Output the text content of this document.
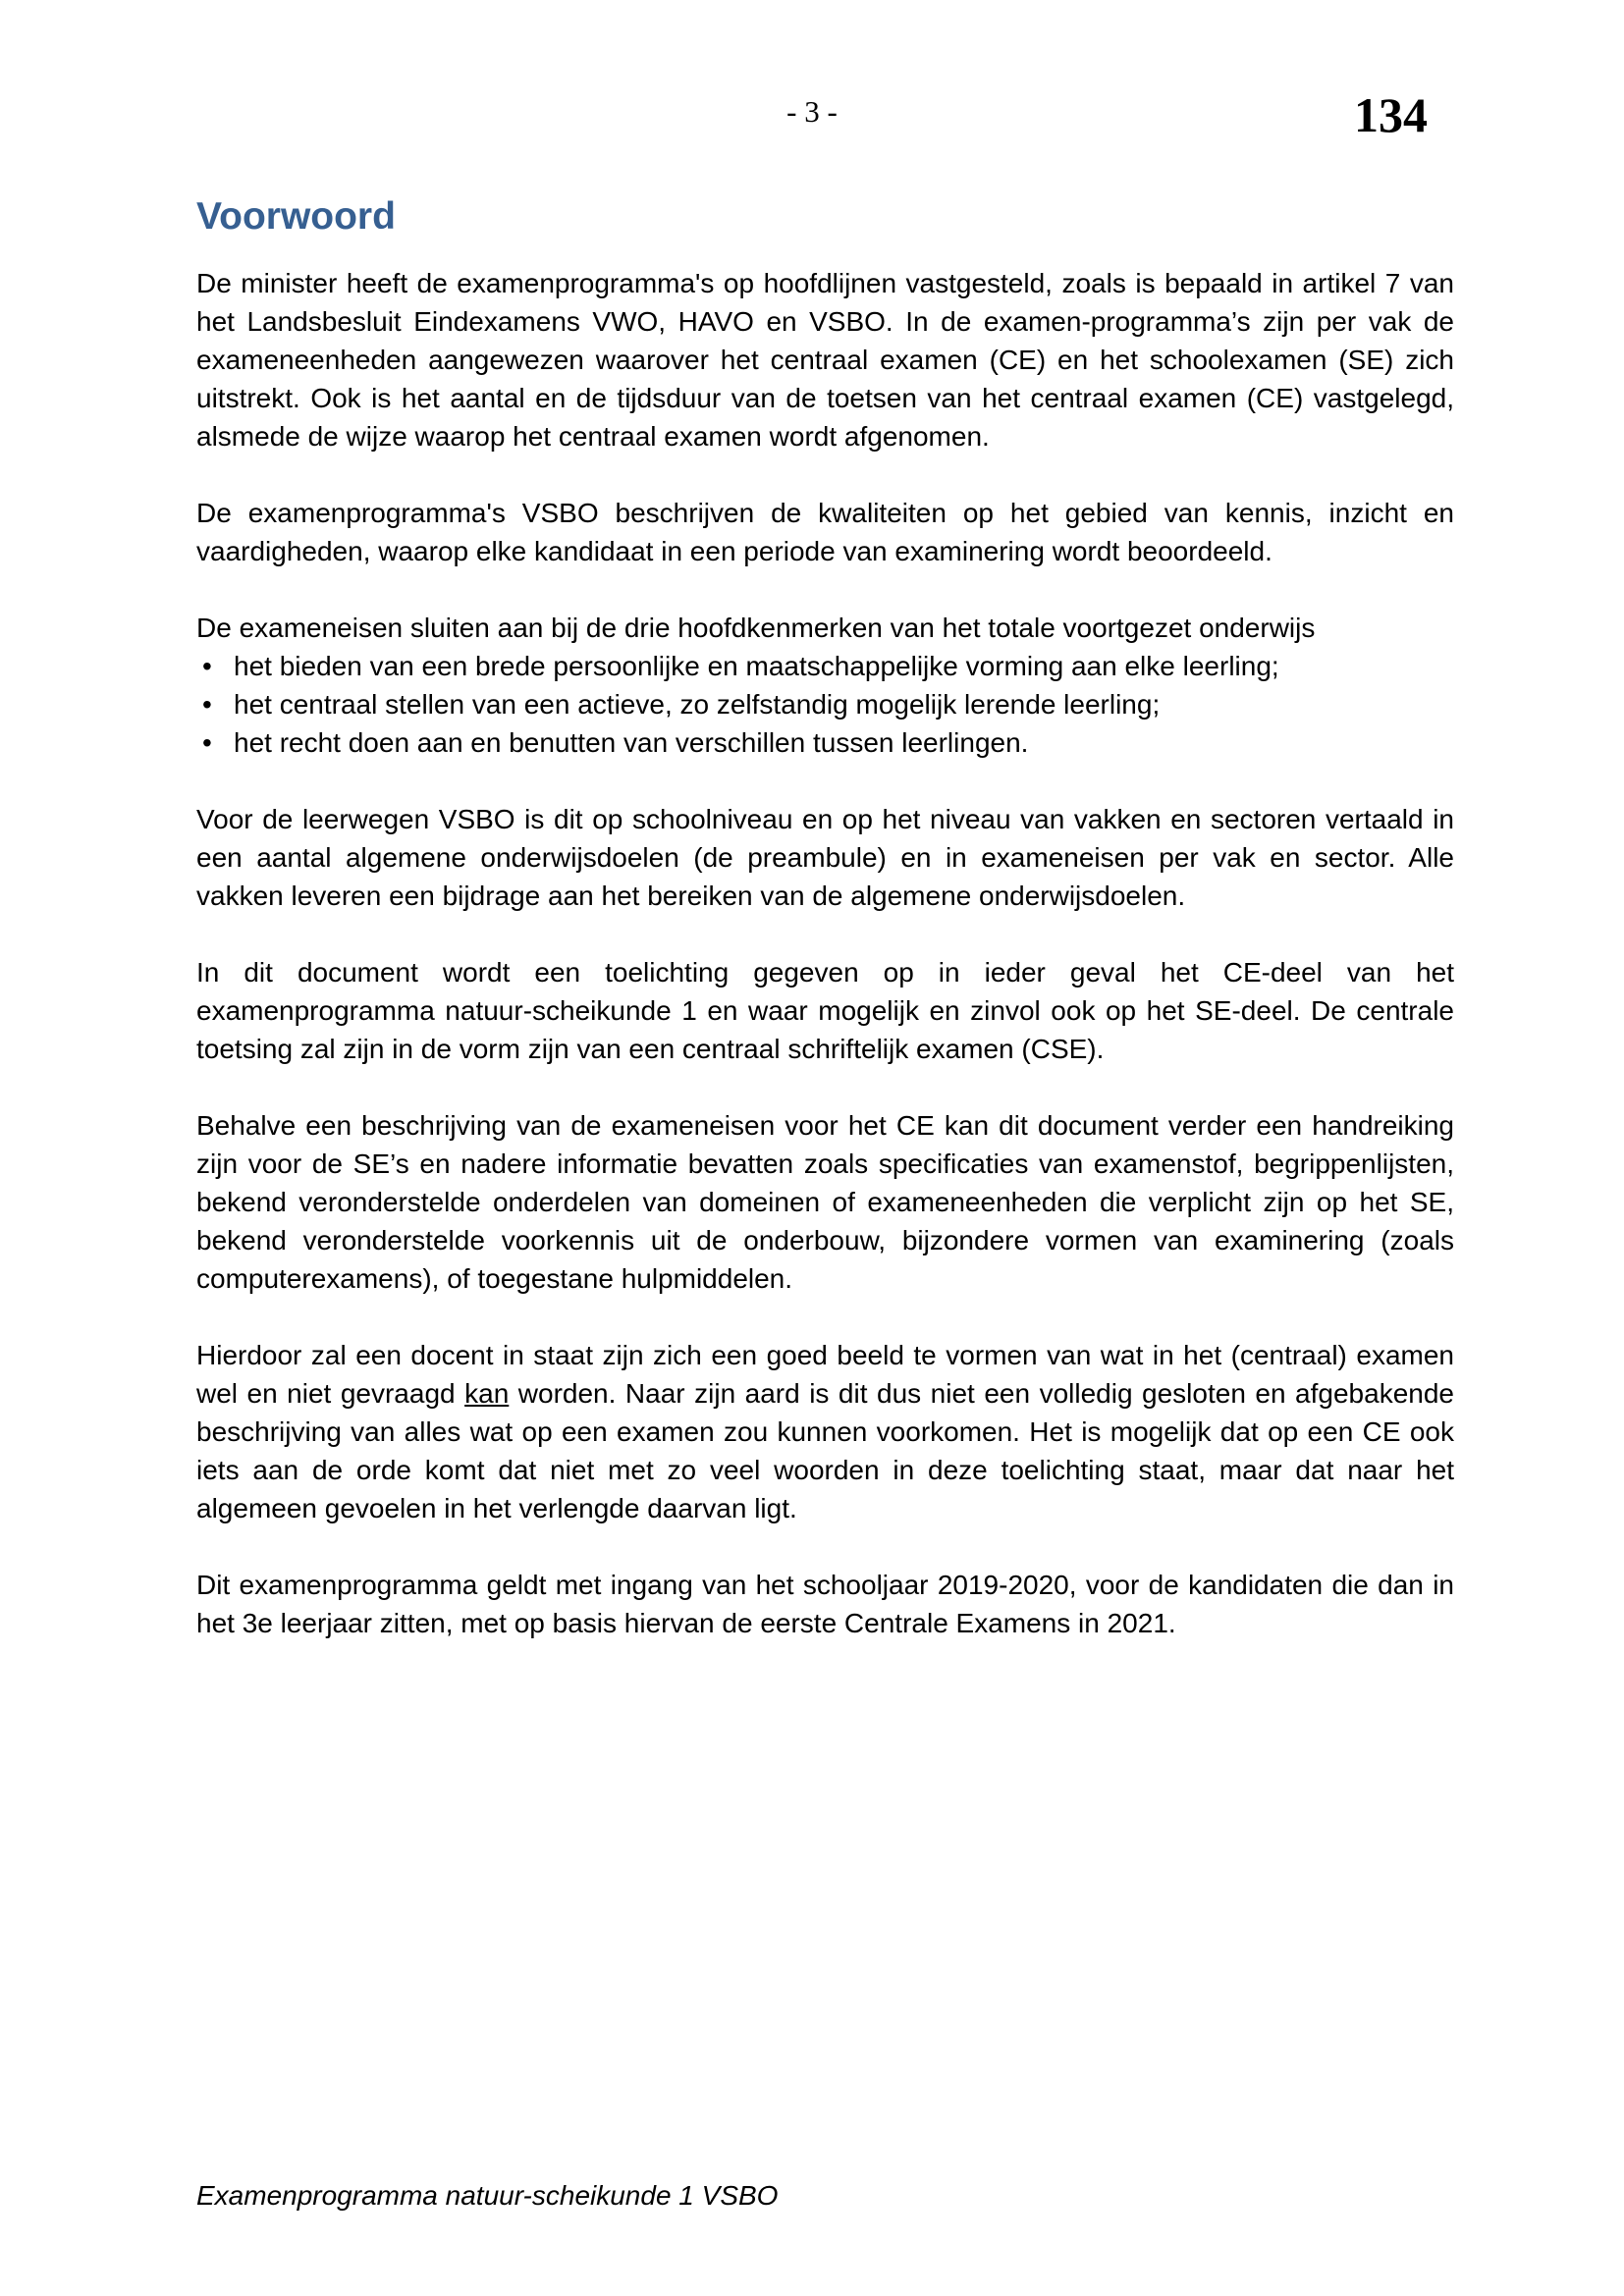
- 3 -	134
Voorwoord

De minister heeft de examenprogramma's op hoofdlijnen vastgesteld, zoals is bepaald in artikel 7 van het Landsbesluit Eindexamens VWO, HAVO en VSBO. In de examen-programma’s zijn per vak de exameneenheden aangewezen waarover het centraal examen (CE) en het schoolexamen (SE) zich uitstrekt. Ook is het aantal en de tijdsduur van de toetsen van het centraal examen (CE) vastgelegd, alsmede de wijze waarop het centraal examen wordt afgenomen.

De examenprogramma's VSBO beschrijven de kwaliteiten op het gebied van kennis, inzicht en vaardigheden, waarop elke kandidaat in een periode van examinering wordt beoordeeld.

De exameneisen sluiten aan bij de drie hoofdkenmerken van het totale voortgezet onderwijs

• het bieden van een brede persoonlijke en maatschappelijke vorming aan elke leerling;
• het centraal stellen van een actieve, zo zelfstandig mogelijk lerende leerling;
• het recht doen aan en benutten van verschillen tussen leerlingen.

Voor de leerwegen VSBO is dit op schoolniveau en op het niveau van vakken en sectoren vertaald in een aantal algemene onderwijsdoelen (de preambule) en in exameneisen per vak en sector. Alle vakken leveren een bijdrage aan het bereiken van de algemene onderwijsdoelen.

In dit document wordt een toelichting gegeven op in ieder geval het CE-deel van het examenprogramma natuur-scheikunde 1 en waar mogelijk en zinvol ook op het SE-deel. De centrale toetsing zal zijn in de vorm zijn van een centraal schriftelijk examen (CSE).

Behalve een beschrijving van de exameneisen voor het CE kan dit document verder een handreiking zijn voor de SE’s en nadere informatie bevatten zoals specificaties van examenstof, begrippenlijsten, bekend veronderstelde onderdelen van domeinen of exameneenheden die verplicht zijn op het SE, bekend veronderstelde voorkennis uit de onderbouw, bijzondere vormen van examinering (zoals computerexamens), of toegestane hulpmiddelen.

Hierdoor zal een docent in staat zijn zich een goed beeld te vormen van wat in het (centraal) examen wel en niet gevraagd kan worden. Naar zijn aard is dit dus niet een volledig gesloten en afgebakende beschrijving van alles wat op een examen zou kunnen voorkomen. Het is mogelijk dat op een CE ook iets aan de orde komt dat niet met zo veel woorden in deze toelichting staat, maar dat naar het algemeen gevoelen in het verlengde daarvan ligt.

Dit examenprogramma geldt met ingang van het schooljaar 2019-2020, voor de kandidaten die dan in het 3e leerjaar zitten, met op basis hiervan de eerste Centrale Examens in 2021.

Examenprogramma natuur-scheikunde 1 VSBO
